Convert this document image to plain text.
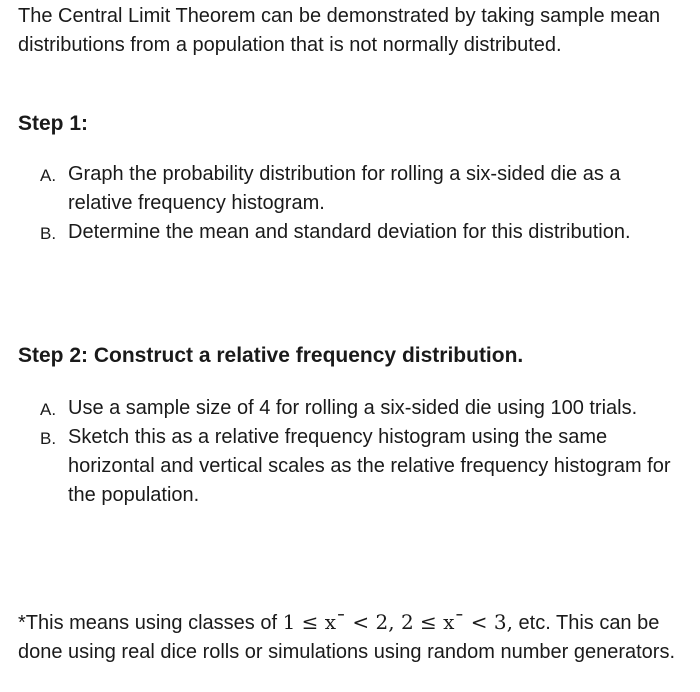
The Central Limit Theorem can be demonstrated by taking sample mean distributions from a population that is not normally distributed.

Step 1:
A. Graph the probability distribution for rolling a six-sided die as a relative frequency histogram.
B. Determine the mean and standard deviation for this distribution.
Step 2: Construct a relative frequency distribution.
A. Use a sample size of 4 for rolling a six-sided die using 100 trials.
B. Sketch this as a relative frequency histogram using the same horizontal and vertical scales as the relative frequency histogram for the population.

*This means using classes of 1 ≤ x¯ < 2, 2 ≤ x¯ < 3, etc. This can be done using real dice rolls or simulations using random number generators.
